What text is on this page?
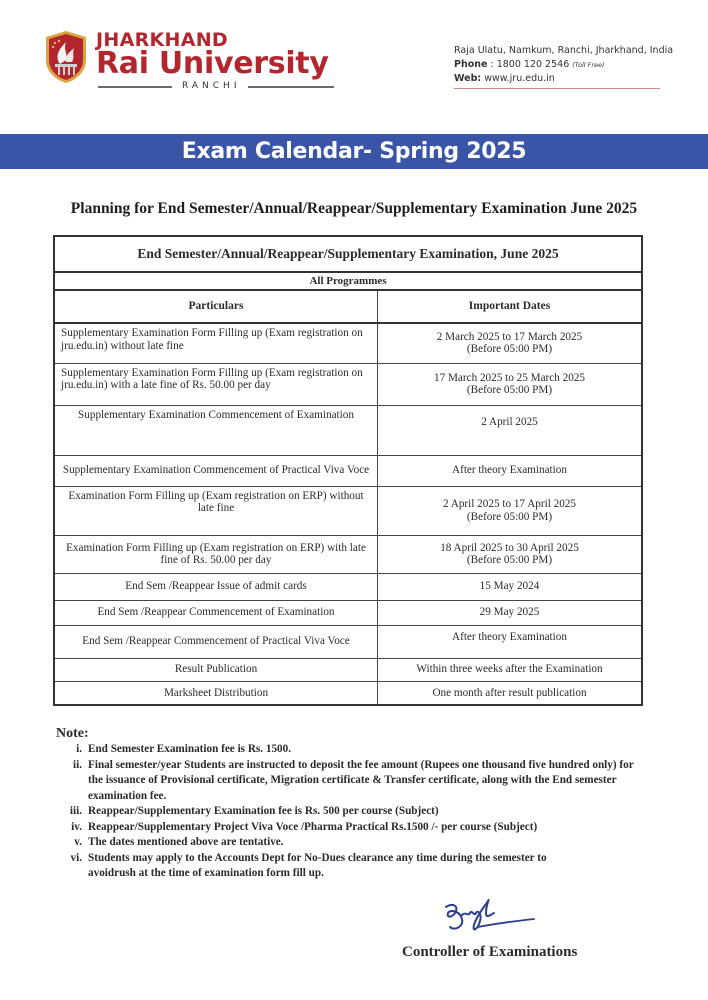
JHARKHAND
Rai University
RANCHI
Raja Ulatu, Namkum, Ranchi, Jharkhand, India
Phone : 1800 120 2546 (Toll Free)
Web: www.jru.edu.in
Exam Calendar- Spring 2025
Planning for End Semester/Annual/Reappear/Supplementary Examination June 2025
End Semester/Annual/Reappear/Supplementary Examination, June 2025	
All Programmes	
Particulars	Important Dates
Supplementary Examination Form Filling up (Exam registration on jru.edu.in) without late fine	2 March 2025 to 17 March 2025 (Before 05:00 PM)
Supplementary Examination Form Filling up (Exam registration on jru.edu.in) with a late fine of Rs. 50.00 per day	17 March 2025 to 25 March 2025 (Before 05:00 PM)
Supplementary Examination Commencement of Examination	2 April 2025
Supplementary Examination Commencement of Practical Viva Voce	After theory Examination
Examination Form Filling up (Exam registration on ERP) without late fine	2 April 2025 to 17 April 2025 (Before 05:00 PM)
Examination Form Filling up (Exam registration on ERP) with late fine of Rs. 50.00 per day	18 April 2025 to 30 April 2025 (Before 05:00 PM)
End Sem /Reappear Issue of admit cards	15 May 2024
End Sem /Reappear Commencement of Examination	29 May 2025
End Sem /Reappear Commencement of Practical Viva Voce	After theory Examination
Result Publication	Within three weeks after the Examination
Marksheet Distribution	One month after result publication
Note:
i. End Semester Examination fee is Rs. 1500.
ii. Final semester/year Students are instructed to deposit the fee amount (Rupees one thousand five hundred only) for the issuance of Provisional certificate, Migration certificate & Transfer certificate, along with the End semester examination fee.
iii. Reappear/Supplementary Examination fee is Rs. 500 per course (Subject)
iv. Reappear/Supplementary Project Viva Voce /Pharma Practical Rs.1500 /- per course (Subject)
v. The dates mentioned above are tentative.
vi. Students may apply to the Accounts Dept for No-Dues clearance any time during the semester to avoidrush at the time of examination form fill up.
Controller of Examinations
